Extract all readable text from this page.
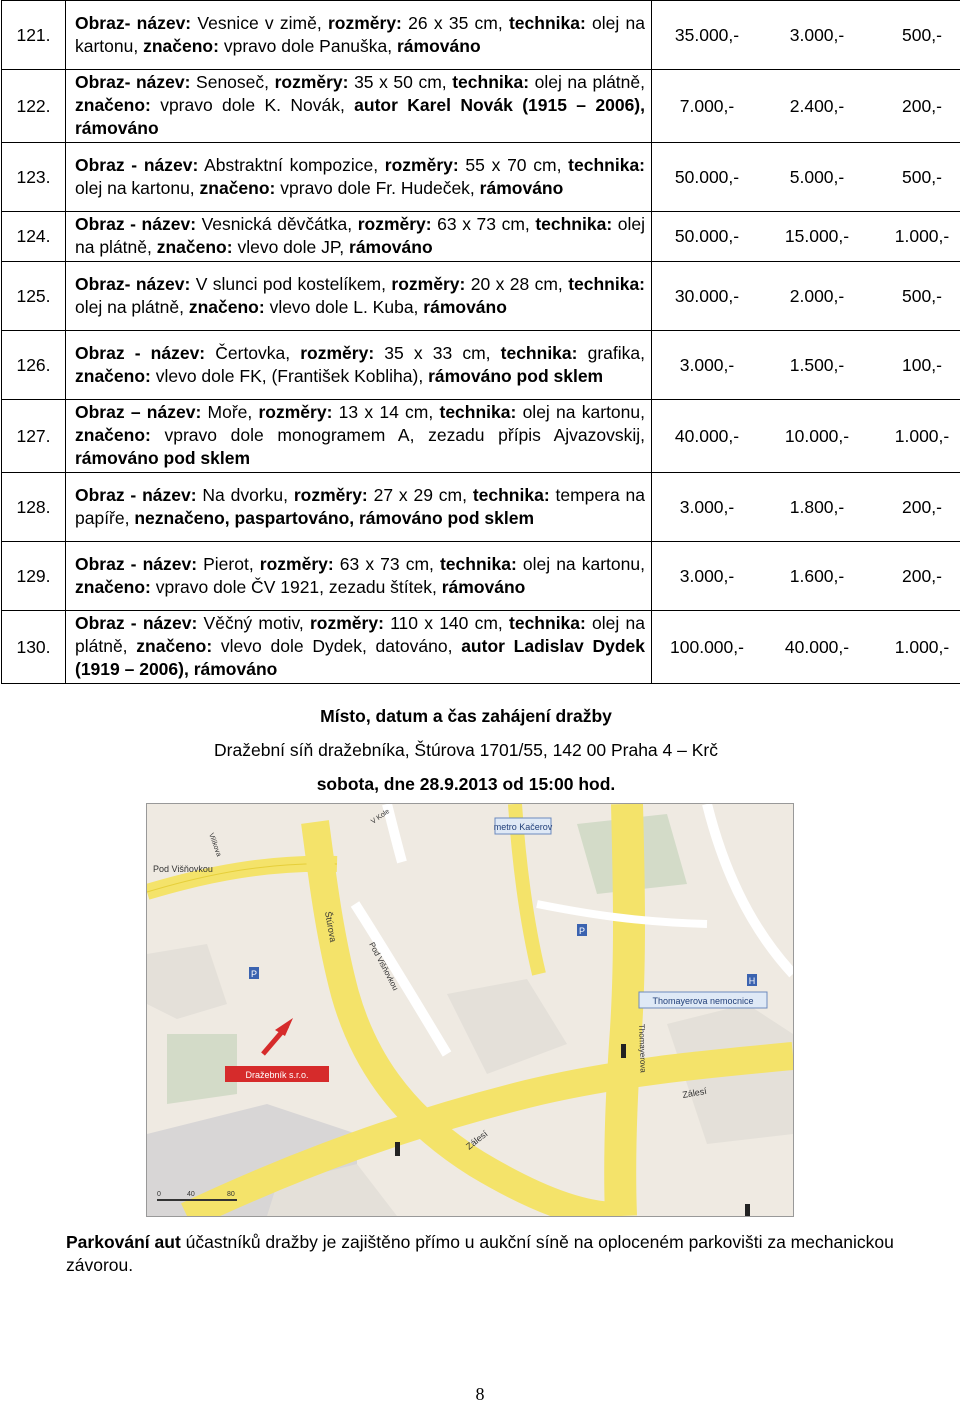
121.	Obraz- název: Vesnice v zimě, rozměry: 26 x 35 cm, technika: olej na kartonu, značeno: vpravo dole Panuška, rámováno	35.000,- 3.000,- 500,-

122.	Obraz- název: Senoseč, rozměry: 35 x 50 cm, technika: olej na plátně, značeno: vpravo dole K. Novák, autor Karel Novák (1915 – 2006), rámováno	7.000,- 2.400,- 200,-

123.	Obraz - název: Abstraktní kompozice, rozměry: 55 x 70 cm, technika: olej na kartonu, značeno: vpravo dole Fr. Hudeček, rámováno	50.000,- 5.000,- 500,-

124.	Obraz - název: Vesnická děvčátka, rozměry: 63 x 73 cm, technika: olej na plátně, značeno: vlevo dole JP, rámováno	50.000,- 15.000,- 1.000,-

125.	Obraz- název: V slunci pod kostelíkem, rozměry: 20 x 28 cm, technika: olej na plátně, značeno: vlevo dole L. Kuba, rámováno	30.000,- 2.000,- 500,-

126.	Obraz - název: Čertovka, rozměry: 35 x 33 cm, technika: grafika, značeno: vlevo dole FK, (František Kobliha), rámováno pod sklem	3.000,- 1.500,- 100,-

127.	Obraz – název: Moře, rozměry: 13 x 14 cm, technika: olej na kartonu, značeno: vpravo dole monogramem A, zezadu přípis Ajvazovskij, rámováno pod sklem	40.000,- 10.000,- 1.000,-

128.	Obraz - název: Na dvorku, rozměry: 27 x 29 cm, technika: tempera na papíře, neznačeno, paspartováno, rámováno pod sklem	3.000,- 1.800,- 200,-

129.	Obraz - název: Pierot, rozměry: 63 x 73 cm, technika: olej na kartonu, značeno: vpravo dole ČV 1921, zezadu štítek, rámováno	3.000,- 1.600,- 200,-

130.	Obraz - název: Věčný motiv, rozměry: 110 x 140 cm, technika: olej na plátně, značeno: vlevo dole Dydek, datováno, autor Ladislav Dydek (1919 – 2006), rámováno	100.000,- 40.000,- 1.000,-
Místo, datum a čas zahájení dražby
Dražební síň dražebníka, Štúrova 1701/55, 142 00 Praha 4 – Krč
sobota, dne 28.9.2013 od 15:00 hod.
metro Kačerov
Thomayerova nemocnice
Dražebník s.r.o.
Pod Višňovkou
Štúrova
Pod Višňovkou
Thomayerova
Zálesí
Zálesí
V Kole
Vilíkova
P
P
H
0	40	80
Parkování aut účastníků dražby je zajištěno přímo u aukční síně na oploceném parkovišti za mechanickou závorou.
8
